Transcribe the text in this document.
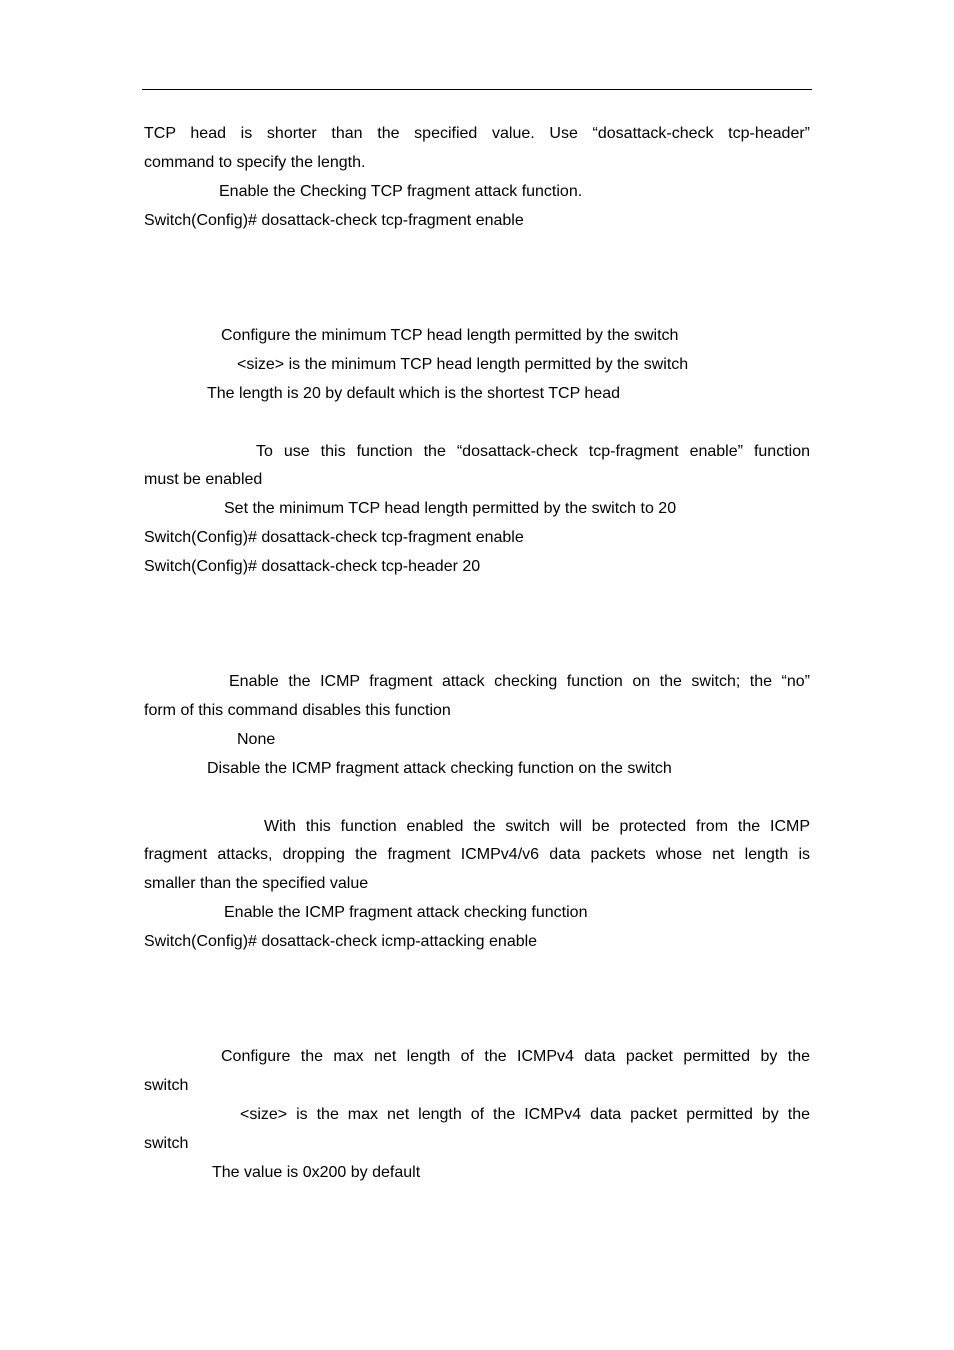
TCP head is shorter than the specified value. Use “dosattack-check tcp-header”
command to specify the length.
Enable the Checking TCP fragment attack function.
Switch(Config)# dosattack-check tcp-fragment enable
Configure the minimum TCP head length permitted by the switch
<size> is the minimum TCP head length permitted by the switch
The length is 20 by default which is the shortest TCP head
To use this function the “dosattack-check tcp-fragment enable” function
must be enabled
Set the minimum TCP head length permitted by the switch to 20
Switch(Config)# dosattack-check tcp-fragment enable
Switch(Config)# dosattack-check tcp-header 20
Enable the ICMP fragment attack checking function on the switch; the “no”
form of this command disables this function
None
Disable the ICMP fragment attack checking function on the switch
With this function enabled the switch will be protected from the ICMP
fragment attacks, dropping the fragment ICMPv4/v6 data packets whose net length is
smaller than the specified value
Enable the ICMP fragment attack checking function
Switch(Config)# dosattack-check icmp-attacking enable
Configure the max net length of the ICMPv4 data packet permitted by the
switch
<size> is the max net length of the ICMPv4 data packet permitted by the
switch
The value is 0x200 by default
